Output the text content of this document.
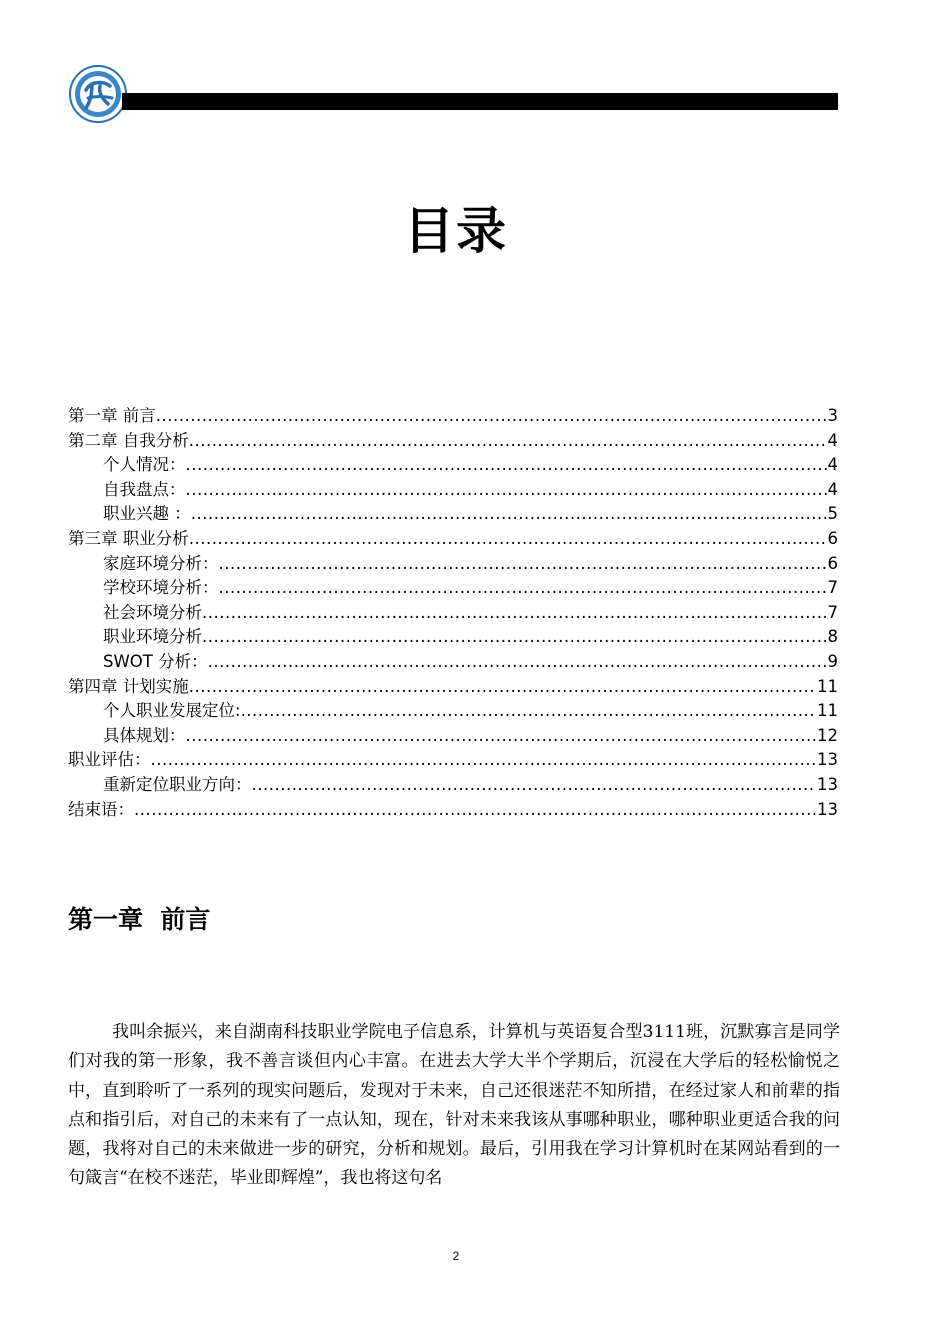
目录
第一章 前言 .....	3
第二章 自我分析 .....	4
个人情况： .....	4
自我盘点： .....	4
职业兴趣 ： .....	5
第三章 职业分析 .....	6
家庭环境分析： .....	6
学校环境分析： .....	7
社会环境分析 .....	7
职业环境分析 .....	8
SWOT 分析： .....	9
第四章 计划实施 .....	11
个人职业发展定位: .....	11
具体规划： .....	12
职业评估： .....	13
重新定位职业方向： .....	13
结束语： .....	13
第一章  前言
我叫余振兴，来自湖南科技职业学院电子信息系，计算机与英语复合型3111班，沉默寡言是同学们对我的第一形象，我不善言谈但内心丰富。在进去大学大半个学期后，沉浸在大学后的轻松愉悦之中，直到聆听了一系列的现实问题后，发现对于未来，自己还很迷茫不知所措，在经过家人和前辈的指点和指引后，对自己的未来有了一点认知，现在，针对未来我该从事哪种职业，哪种职业更适合我的问题，我将对自己的未来做进一步的研究，分析和规划。最后，引用我在学习计算机时在某网站看到的一句箴言“在校不迷茫，毕业即辉煌”，我也将这句名
2
